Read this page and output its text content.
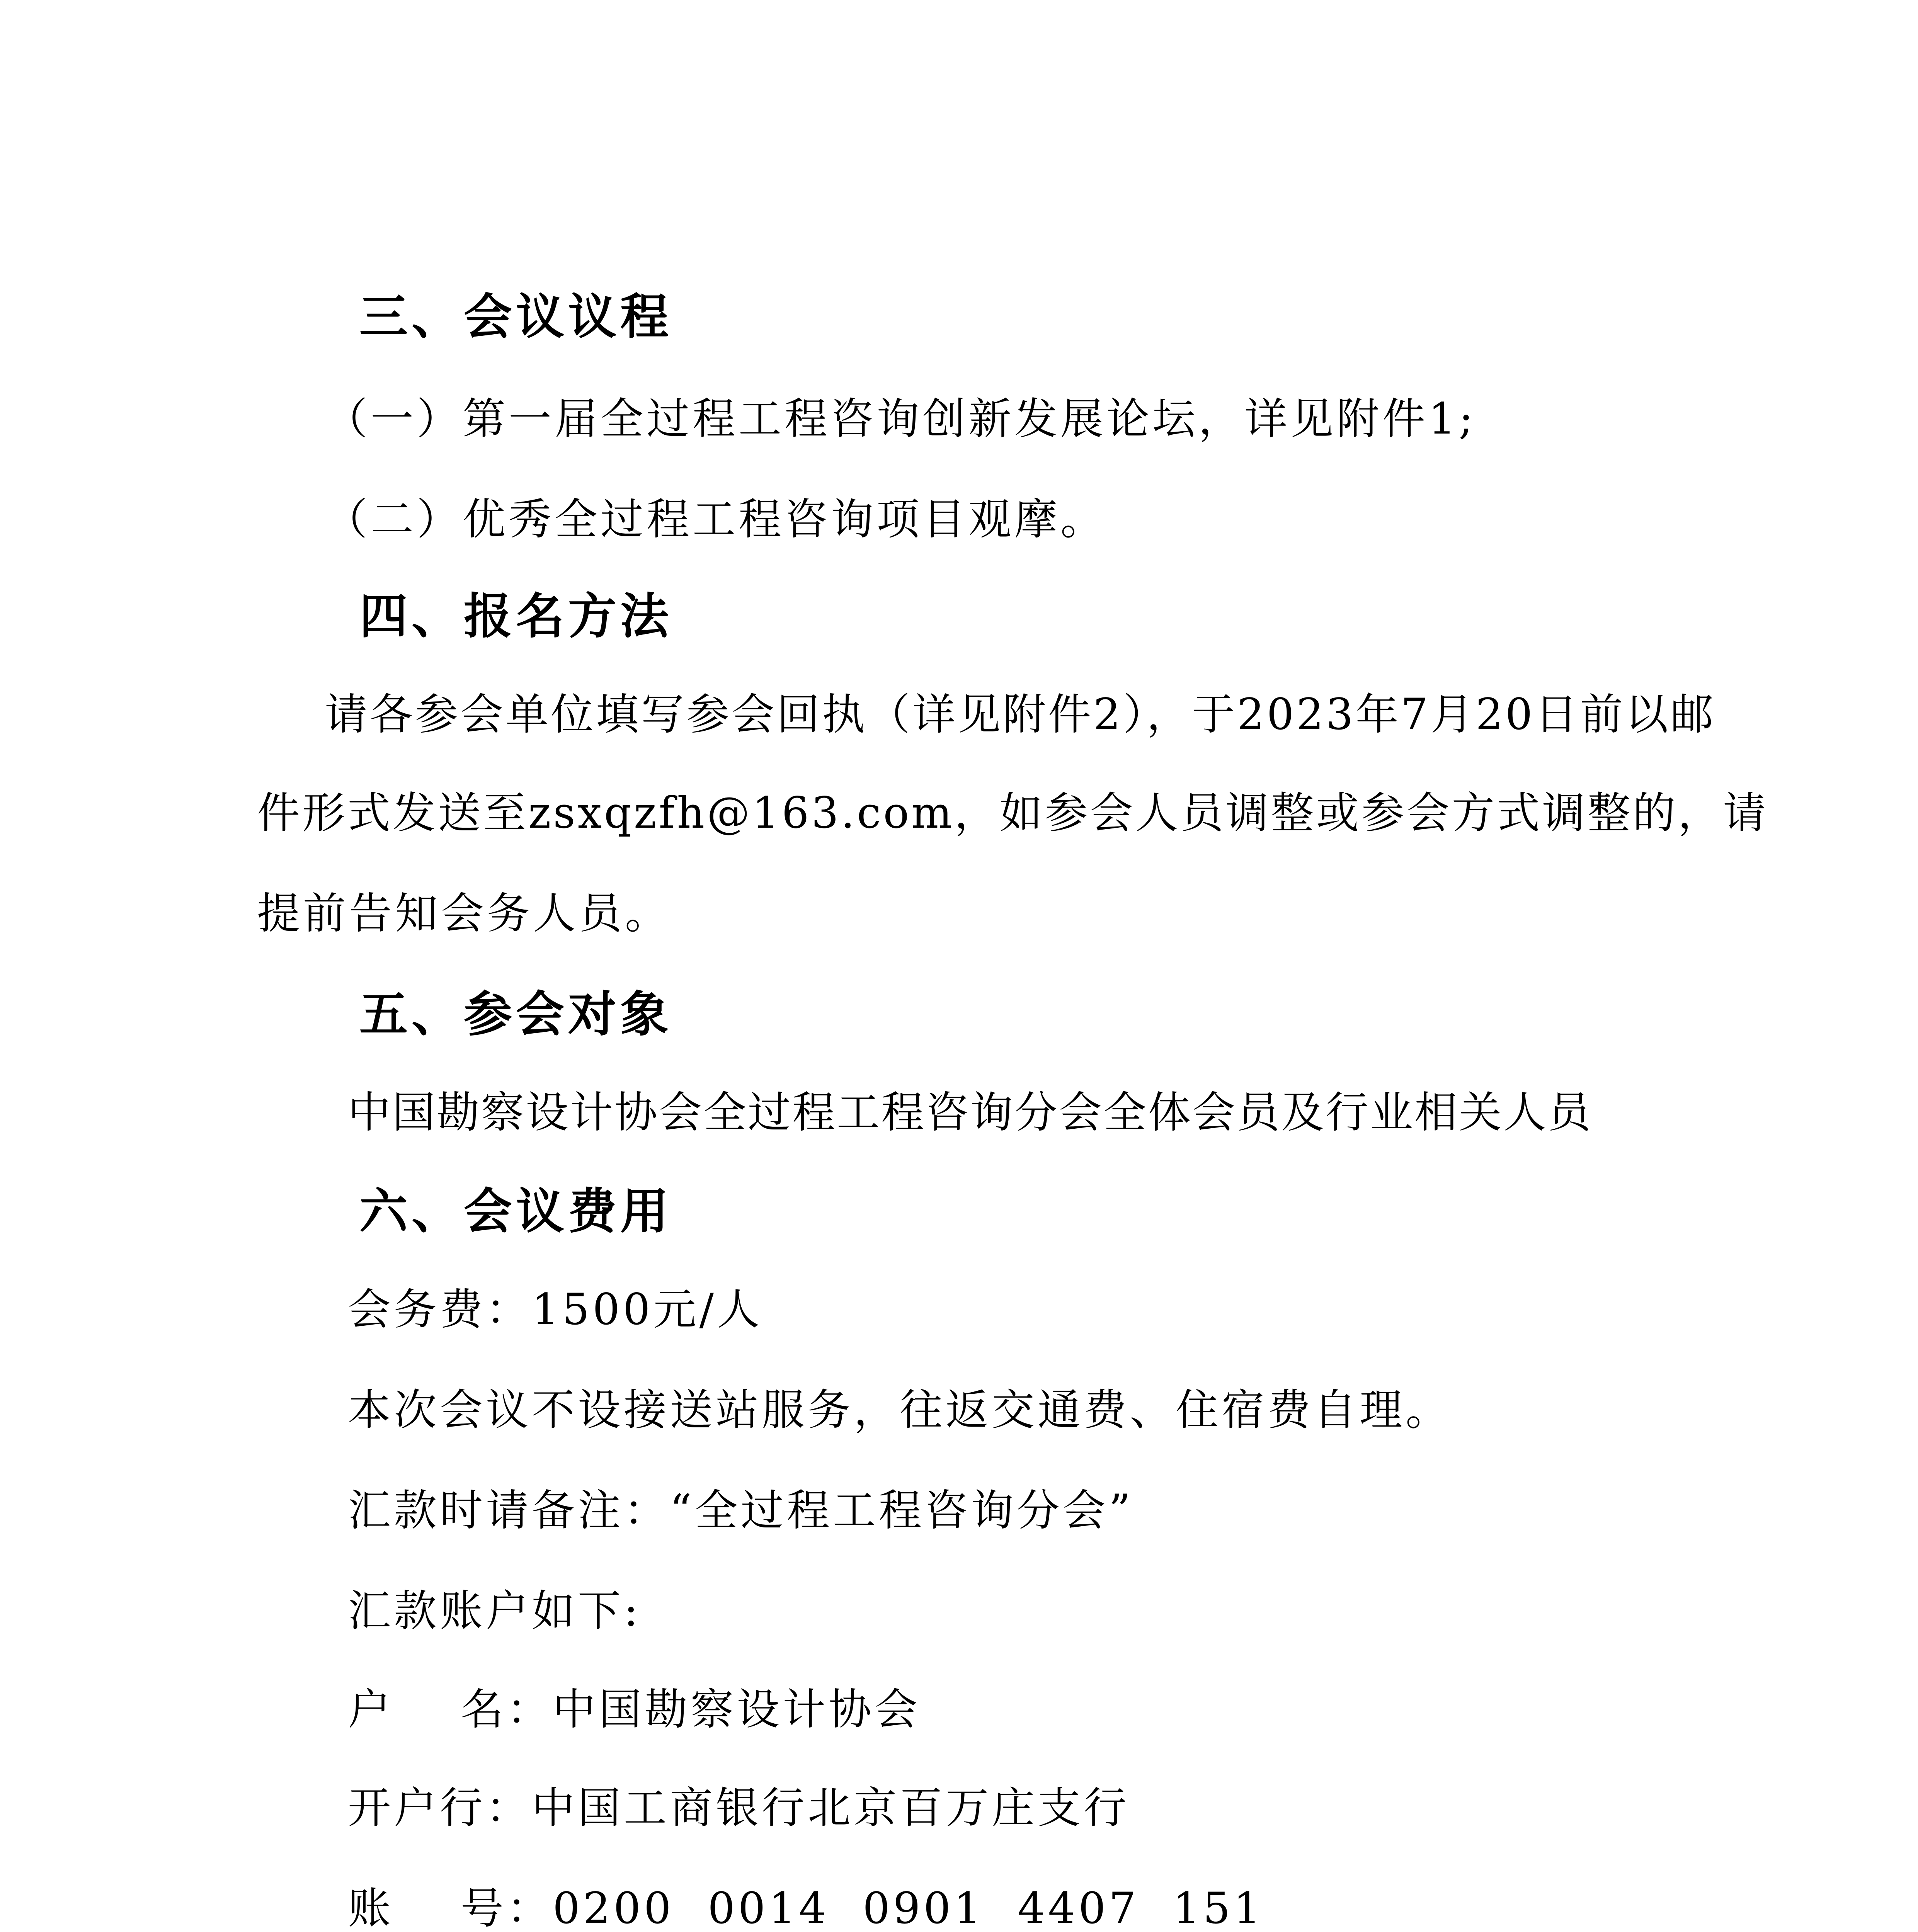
三、会议议程
（一）第一届全过程工程咨询创新发展论坛，详见附件1;
（二）优秀全过程工程咨询项目观摩。
四、报名方法
请各参会单位填写参会回执（详见附件2），于2023年7月20日前以邮
件形式发送至zsxqzfh@163.com，如参会人员调整或参会方式调整的，请
提前告知会务人员。
五、参会对象
中国勘察设计协会全过程工程咨询分会全体会员及行业相关人员
六、会议费用
会务费：1500元/人
本次会议不设接送站服务，往返交通费、住宿费自理。
汇款时请备注：“全过程工程咨询分会”
汇款账户如下:
户    名：中国勘察设计协会
开户行：中国工商银行北京百万庄支行
账    号：0200  0014  0901  4407  151
